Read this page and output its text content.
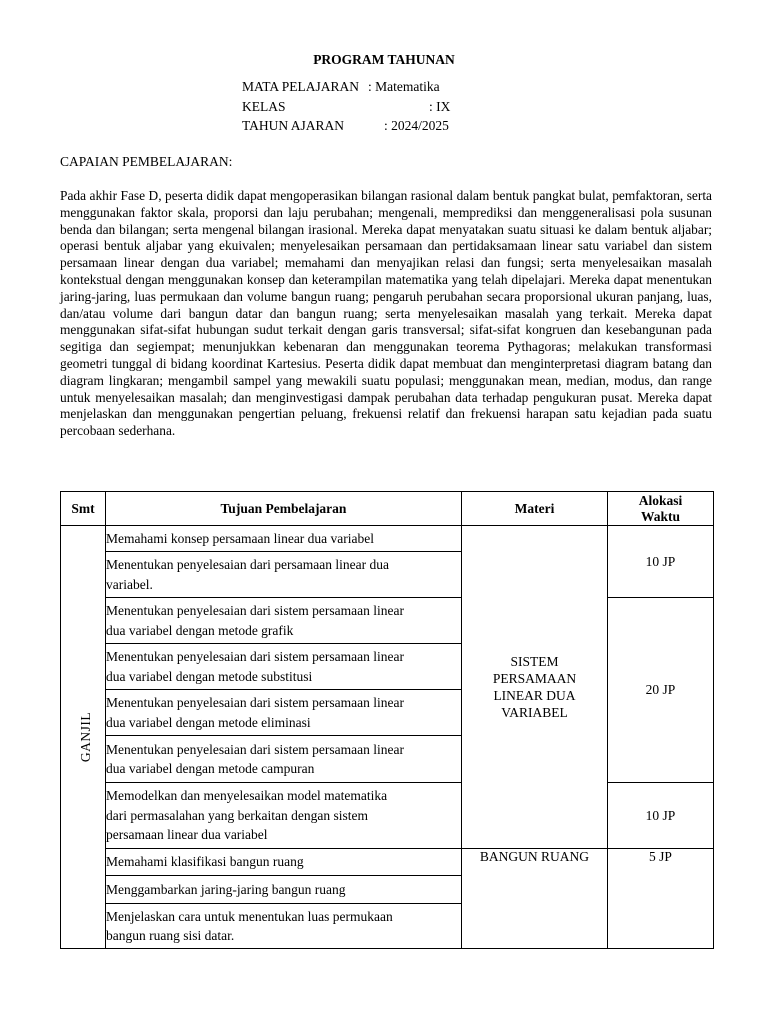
PROGRAM TAHUNAN
MATA PELAJARAN : Matematika
KELAS	: IX
TAHUN AJARAN	: 2024/2025
CAPAIAN PEMBELAJARAN:
Pada akhir Fase D, peserta didik dapat mengoperasikan bilangan rasional dalam bentuk pangkat bulat, pemfaktoran, serta menggunakan faktor skala, proporsi dan laju perubahan; mengenali, memprediksi dan menggeneralisasi pola susunan benda dan bilangan; serta mengenal bilangan irasional. Mereka dapat menyatakan suatu situasi ke dalam bentuk aljabar; operasi bentuk aljabar yang ekuivalen; menyelesaikan persamaan dan pertidaksamaan linear satu variabel dan sistem persamaan linear dengan dua variabel; memahami dan menyajikan relasi dan fungsi; serta menyelesaikan masalah kontekstual dengan menggunakan konsep dan keterampilan matematika yang telah dipelajari. Mereka dapat menentukan jaring-jaring, luas permukaan dan volume bangun ruang; pengaruh perubahan secara proporsional ukuran panjang, luas, dan/atau volume dari bangun datar dan bangun ruang; serta menyelesaikan masalah yang terkait. Mereka dapat menggunakan sifat-sifat hubungan sudut terkait dengan garis transversal; sifat-sifat kongruen dan kesebangunan pada segitiga dan segiempat; menunjukkan kebenaran dan menggunakan teorema Pythagoras; melakukan transformasi geometri tunggal di bidang koordinat Kartesius. Peserta didik dapat membuat dan menginterpretasi diagram batang dan diagram lingkaran; mengambil sampel yang mewakili suatu populasi; menggunakan mean, median, modus, dan range untuk menyelesaikan masalah; dan menginvestigasi dampak perubahan data terhadap pengukuran pusat. Mereka dapat menjelaskan dan menggunakan pengertian peluang, frekuensi relatif dan frekuensi harapan satu kejadian pada suatu percobaan sederhana.
Smt	Tujuan Pembelajaran	Materi	Alokasi
Waktu
GANJIL	Memahami konsep persamaan linear dua variabel	SISTEM
PERSAMAAN
LINEAR DUA
VARIABEL	10 JP
	Menentukan penyelesaian dari persamaan linear dua
variabel.		
	Menentukan penyelesaian dari sistem persamaan linear
dua variabel dengan metode grafik		20 JP
	Menentukan penyelesaian dari sistem persamaan linear
dua variabel dengan metode substitusi		
	Menentukan penyelesaian dari sistem persamaan linear
dua variabel dengan metode eliminasi		
	Menentukan penyelesaian dari sistem persamaan linear
dua variabel dengan metode campuran		
	Memodelkan dan menyelesaikan model matematika
dari permasalahan yang berkaitan dengan sistem
persamaan linear dua variabel		10 JP
	Memahami klasifikasi bangun ruang	BANGUN RUANG	5 JP
	Menggambarkan jaring-jaring bangun ruang		
	Menjelaskan cara untuk menentukan luas permukaan
bangun ruang sisi datar.		
